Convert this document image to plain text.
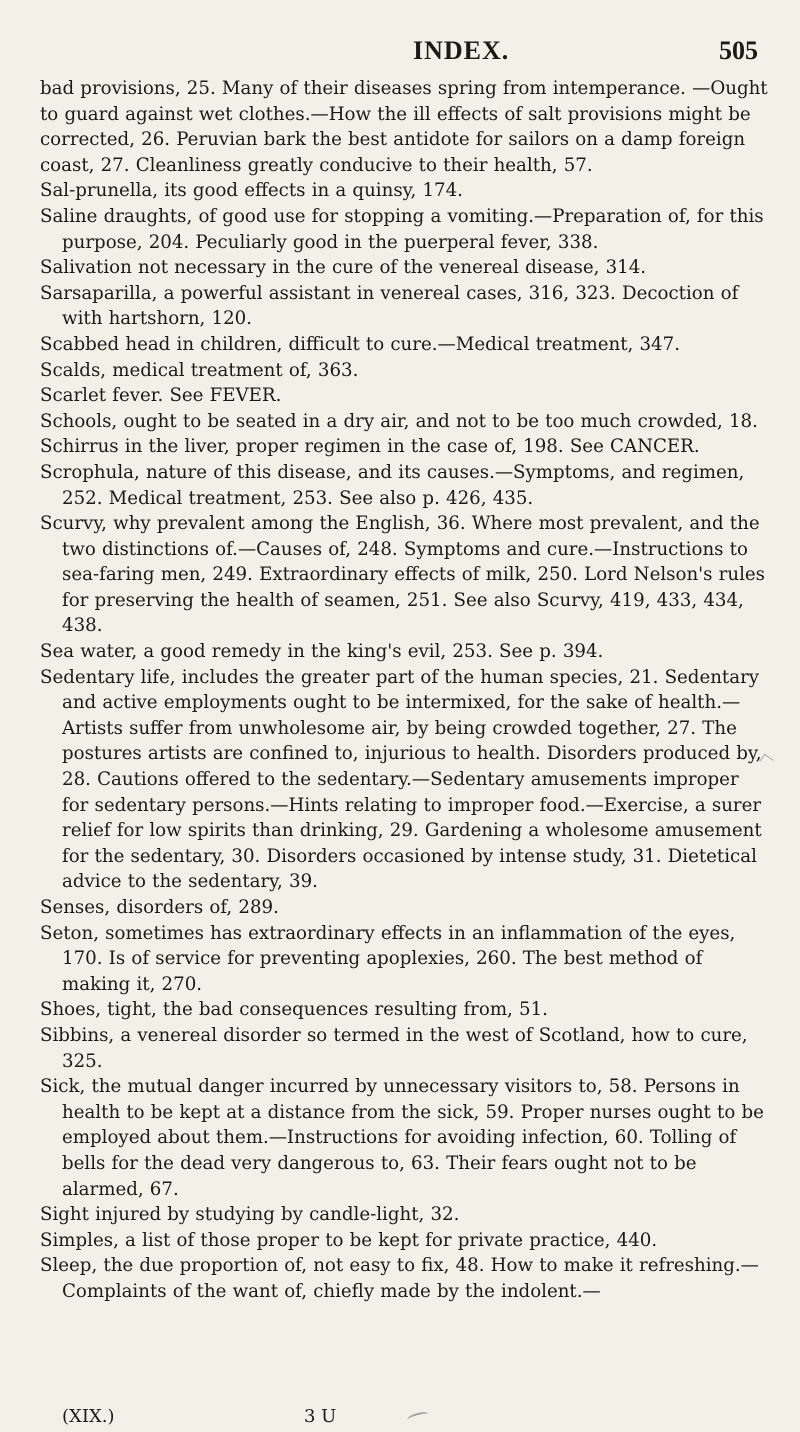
INDEX.	505
bad provisions, 25. Many of their diseases spring from intemperance. —Ought to guard against wet clothes.—How the ill effects of salt provisions might be corrected, 26. Peruvian bark the best antidote for sailors on a damp foreign coast, 27. Cleanliness greatly conducive to their health, 57.
Sal-prunella, its good effects in a quinsy, 174.
Saline draughts, of good use for stopping a vomiting.—Preparation of, for this purpose, 204. Peculiarly good in the puerperal fever, 338.
Salivation not necessary in the cure of the venereal disease, 314.
Sarsaparilla, a powerful assistant in venereal cases, 316, 323. Decoction of with hartshorn, 120.
Scabbed head in children, difficult to cure.—Medical treatment, 347.
Scalds, medical treatment of, 363.
Scarlet fever. See FEVER.
Schools, ought to be seated in a dry air, and not to be too much crowded, 18.
Schirrus in the liver, proper regimen in the case of, 198. See CANCER.
Scrophula, nature of this disease, and its causes.—Symptoms, and regimen, 252. Medical treatment, 253. See also p. 426, 435.
Scurvy, why prevalent among the English, 36. Where most prevalent, and the two distinctions of.—Causes of, 248. Symptoms and cure.—Instructions to sea-faring men, 249. Extraordinary effects of milk, 250. Lord Nelson's rules for preserving the health of seamen, 251. See also Scurvy, 419, 433, 434, 438.
Sea water, a good remedy in the king's evil, 253. See p. 394.
Sedentary life, includes the greater part of the human species, 21. Sedentary and active employments ought to be intermixed, for the sake of health.—Artists suffer from unwholesome air, by being crowded together, 27. The postures artists are confined to, injurious to health. Disorders produced by, 28. Cautions offered to the sedentary.—Sedentary amusements improper for sedentary persons.—Hints relating to improper food.—Exercise, a surer relief for low spirits than drinking, 29. Gardening a wholesome amusement for the sedentary, 30. Disorders occasioned by intense study, 31. Dietetical advice to the sedentary, 39.
Senses, disorders of, 289.
Seton, sometimes has extraordinary effects in an inflammation of the eyes, 170. Is of service for preventing apoplexies, 260. The best method of making it, 270.
Shoes, tight, the bad consequences resulting from, 51.
Sibbins, a venereal disorder so termed in the west of Scotland, how to cure, 325.
Sick, the mutual danger incurred by unnecessary visitors to, 58. Persons in health to be kept at a distance from the sick, 59. Proper nurses ought to be employed about them.—Instructions for avoiding infection, 60. Tolling of bells for the dead very dangerous to, 63. Their fears ought not to be alarmed, 67.
Sight injured by studying by candle-light, 32.
Simples, a list of those proper to be kept for private practice, 440.
Sleep, the due proportion of, not easy to fix, 48. How to make it refreshing.—Complaints of the want of, chiefly made by the indolent.—
(XIX.)	3 U
